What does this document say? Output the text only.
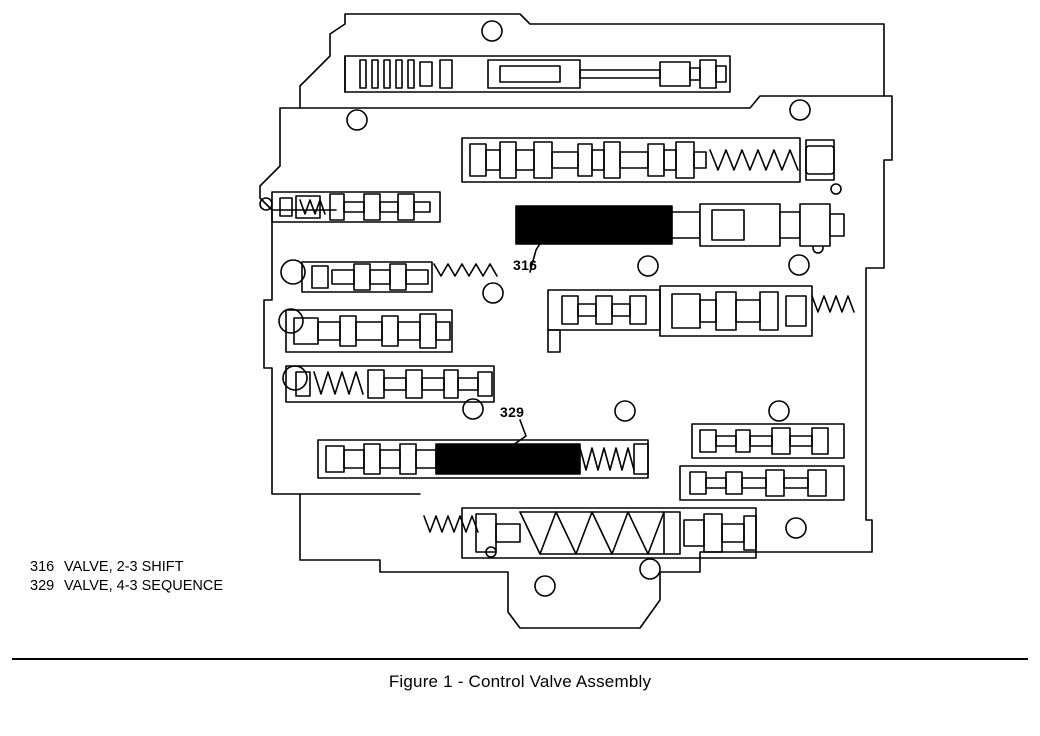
316
329
316 VALVE, 2-3 SHIFT
329 VALVE, 4-3 SEQUENCE
Figure 1 - Control Valve Assembly
